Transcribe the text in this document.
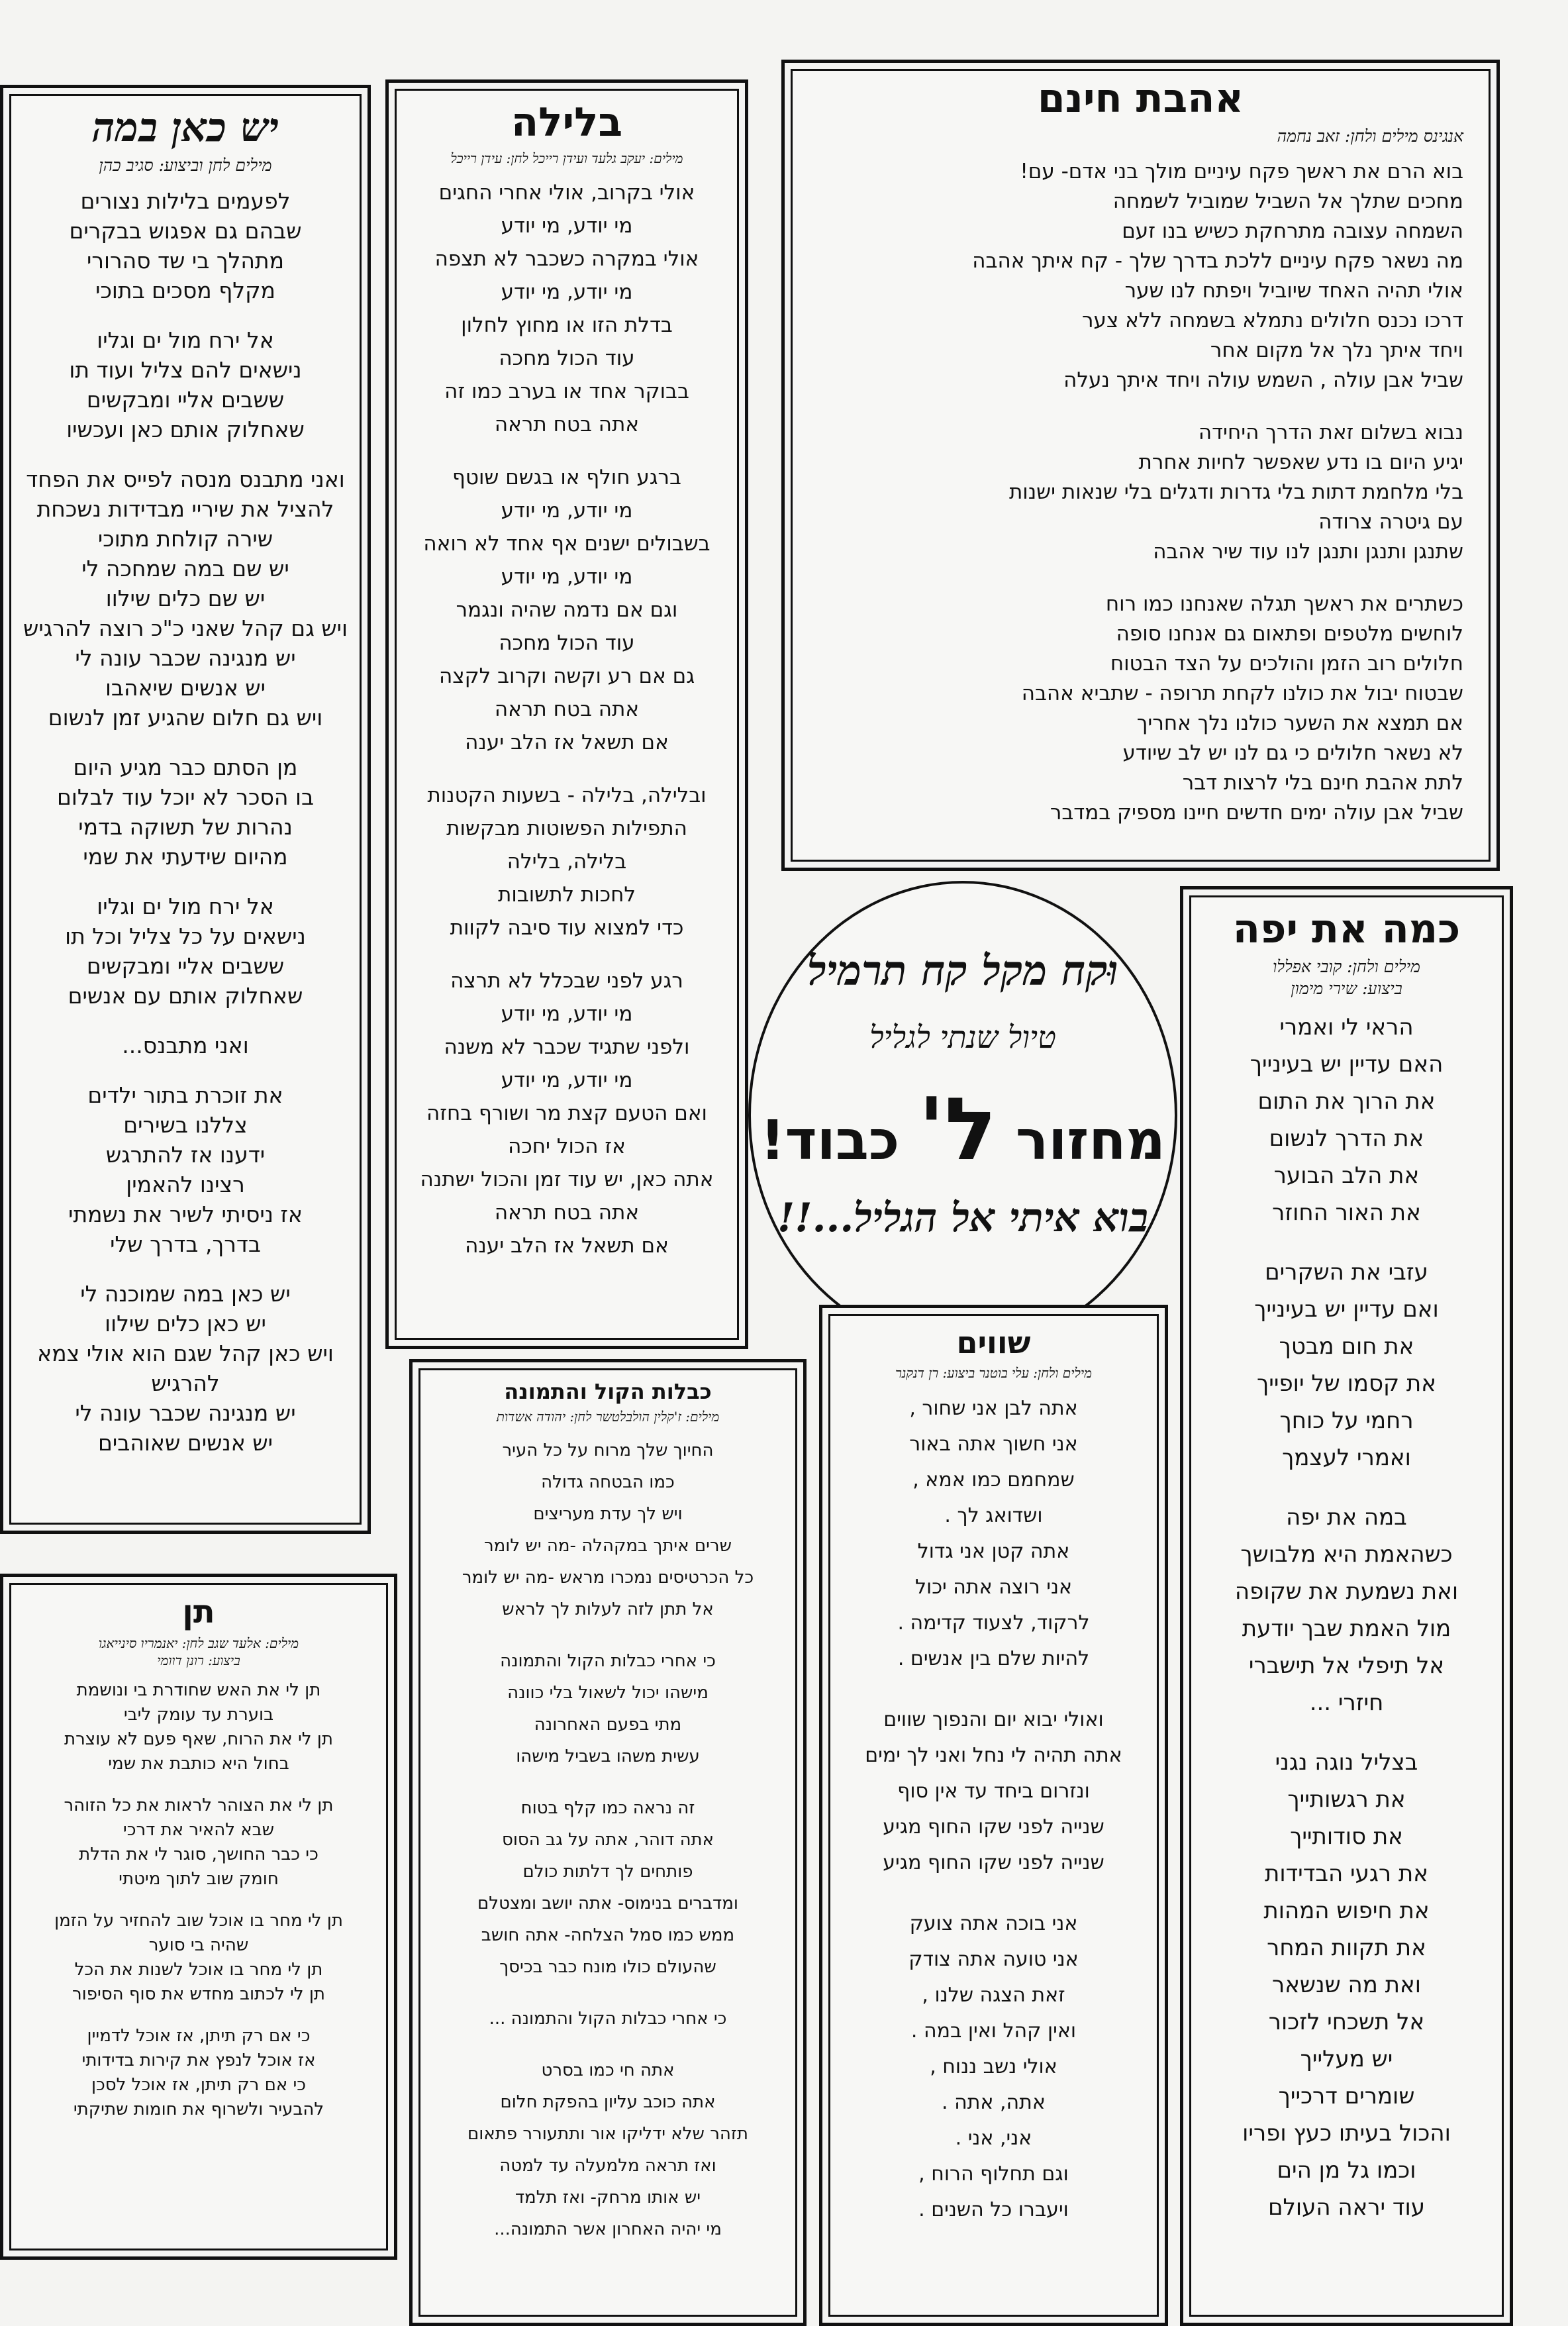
יש כאן במה
מילים לחן וביצוע: סגיב כהן
לפעמים בלילות נצורים
שבהם גם אפגוש בבקרים
מתהלך בי שד סהרורי
מקלף מסכים בתוכי
אל ירח מול ים וגליו
נישאים להם צליל ועוד תו
ששבים אליי ומבקשים
שאחלוק אותם כאן ועכשיו
ואני מתבנס מנסה לפייס את הפחד
להציל את שיריי מבדידות נשכחת
שירה קולחת מתוכי
יש שם במה שמחכה לי
יש שם כלים שילוו
ויש גם קהל שאני כ"כ רוצה להרגיש
יש מנגינה שכבר עונה לי
יש אנשים שיאהבו
ויש גם חלום שהגיע זמן לנשום
מן הסתם כבר מגיע היום
בו הסכר לא יוכל עוד לבלום
נהרות של תשוקה בדמי
מהיום שידעתי את שמי
אל ירח מול ים וגליו
נישאים על כל צליל וכל תו
ששבים אליי ומבקשים
שאחלוק אותם עם אנשים
ואני מתבנס...
את זוכרת בתור ילדים
צללנו בשירים
ידענו אז להתרגש
רצינו להאמין
אז ניסיתי לשיר את נשמתי
בדרך, בדרך שלי
יש כאן במה שמוכנה לי
יש כאן כלים שילוו
ויש כאן קהל שגם הוא אולי צמא
להרגיש
יש מנגינה שכבר עונה לי
יש אנשים שאוהבים
בלילה
מילים: יעקב גלעד ועידן רייכל לחן: עידן רייכל
אולי בקרוב, אולי אחרי החגים
מי יודע, מי יודע
אולי במקרה כשכבר לא תצפה
מי יודע, מי יודע
בדלת הזו או מחוץ לחלון
עוד הכול מחכה
בבוקר אחד או בערב כמו זה
אתה בטח תראה
ברגע חולף או בגשם שוטף
מי יודע, מי יודע
בשבולים ישנים אף אחד לא רואה
מי יודע, מי יודע
וגם אם נדמה שהיה ונגמר
עוד הכול מחכה
גם אם רע וקשה וקרוב לקצה
אתה בטח תראה
אם תשאל אז הלב יענה
ובלילה, בלילה - בשעות הקטנות
התפילות הפשוטות מבקשות
בלילה, בלילה
לחכות לתשובות
כדי למצוא עוד סיבה לקוות
רגע לפני שבכלל לא תרצה
מי יודע, מי יודע
ולפני שתגיד שכבר לא משנה
מי יודע, מי יודע
ואם הטעם קצת מר ושורף בחזה
אז הכול יחכה
אתה כאן, יש עוד זמן והכול ישתנה
אתה בטח תראה
אם תשאל אז הלב יענה
אהבת חינם
אנגינס מילים ולחן: זאב נחמה
בוא הרם את ראשך פקח עיניים מולך בני אדם- עם!
מחכים שתלך אל השביל שמוביל לשמחה
השמחה עצובה מתרחקת כשיש בנו זעם
מה נשאר פקח עיניים ללכת בדרך שלך - קח איתך אהבה
אולי תהיה האחד שיוביל ויפתח לנו שער
דרכו נכנס חלולים נתמלא בשמחה ללא צער
ויחד איתך נלך אל מקום אחר
שביל אבן עולה , השמש עולה ויחד איתך נעלה
נבוא בשלום זאת הדרך היחידה
יגיע היום בו נדע שאפשר לחיות אחרת
בלי מלחמת דתות בלי גדרות ודגלים בלי שנאות ישנות
עם גיטרה צרודה
שתנגן ותנגן ותנגן לנו עוד שיר אהבה
כשתרים את ראשך תגלה שאנחנו כמו רוח
לוחשים מלטפים ופתאום גם אנחנו סופה
חלולים רוב הזמן והולכים על הצד הבטוח
שבטוח יבול את כולנו לקחת תרופה - שתביא אהבה
אם תמצא את השער כולנו נלך אחריך
לא נשאר חלולים כי גם לנו יש לב שיודע
לתת אהבת חינם בלי לרצות דבר
שביל אבן עולה ימים חדשים חיינו מספיק במדבר
כמה את יפה
מילים ולחן: קובי אפללו
ביצוע: שירי מימון
הראי לי ואמרי
האם עדיין יש בעינייך
את הרוך את התום
את הדרך לנשום
את הלב הבוער
את האור החוזר
עזבי את השקרים
ואם עדיין יש בעינייך
את חום מבטך
את קסמו של יופייך
רחמי על כוחך
ואמרי לעצמך
במה את יפה
כשהאמת היא מלבושך
ואת נשמעת את שקופה
מול האמת שבך יודעת
אל תיפלי אל תישברי
חיזרי ...
בצליל נוגה נגני
את רגשותייך
את סודותייך
את רגעי הבדידות
את חיפוש המהות
את תקוות המחר
ואת מה שנשאר
אל תשכחי לזכור
יש מעלייך
שומרים דרכייך
והכול בעיתו כעץ ופריו
וכמו גל מן הים
עוד יראה העולם
וּקח מקל קח תרמיל
טיול שנתי לגליל
מחזור ל' כבוד!
בוא איתי אל הגליל...!!
שווים
מילים ולחן: עלי בוטנר ביצוע: רן דנקנר
אתה לבן אני שחור ,
אני חשוך אתה באור
שמחמם כמו אמא ,
ושדואג לך .
אתה קטן אני גדול
אני רוצה אתה יכול
לרקוד, לצעוד קדימה .
להיות שלם בין אנשים .
ואולי יבוא יום והנפוך שווים
אתה תהיה לי נחל ואני לך ימים
ונזרום ביחד עד אין סוף
שנייה לפני שקו החוף מגיע
שנייה לפני שקו החוף מגיע
אני בוכה אתה צועק
אני טועה אתה צודק
זאת הצגה שלנו ,
ואין קהל ואין במה .
אולי נשב ננוח ,
אתה, אתה .
אני, אני .
וגם תחלוף הרוח ,
ויעברו כל השנים .
כבלות הקול והתמונה
מילים: ז'קלין הולבלטשר לחן: יהודה אשדות
החיוך שלך מרוח על כל העיר
כמו הבטחה גדולה
ויש לך עדת מעריצים
שרים איתך במקהלה -מה יש לומר
כל הכרטיסים נמכרו מראש -מה יש לומר
אל תתן לזה לעלות לך לראש
כי אחרי כבלות הקול והתמונה
מישהו יכול לשאול בלי כוונה
מתי בפעם האחרונה
עשית משהו בשביל מישהו
זה נראה כמו קלף בטוח
אתה דוהר, אתה על גב הסוס
פותחים לך דלתות כולם
ומדברים בנימוס- אתה יושב ומצטלם
ממש כמו סמל הצלחה- אתה חושב
שהעולם כולו מונח כבר בכיסך
כי אחרי כבלות הקול והתמונה ...
אתה חי כמו בסרט
אתה כוכב עליון בהפקת חלום
תזהר שלא ידליקו אור ותתעורר פתאום
ואז תראה מלמעלה עד למטה
יש אותו מרחק- ואז תלמד
מי יהיה האחרון אשר התמונה...
תן
מילים: אלעד שגב לחן: יאנמריו סינייאגו
ביצוע: רונן דוומי
תן לי את האש שחודרת בי ונושמת
בוערת עד עומק ליבי
תן לי את הרוח, שאף פעם לא עוצרת
בחול היא כותבת את שמי
תן לי את הצוהר לראות את כל הזוהר
שבא להאיר את דרכי
כי כבר החושך, סוגר לי את הדלת
חומק שוב לתוך מיטתי
תן לי מחר בו אוכל שוב להחזיר על הזמן
שהיה בי סוער
תן לי מחר בו אוכל לשנות את הכל
תן לי לכתוב מחדש את סוף הסיפור
כי אם רק תיתן, אז אוכל לדמיין
אז אוכל לנפץ את קירות בדידותי
כי אם רק תיתן, אז אוכל לסכן
להבעיר ולשרוף את חומות שתיקתי
